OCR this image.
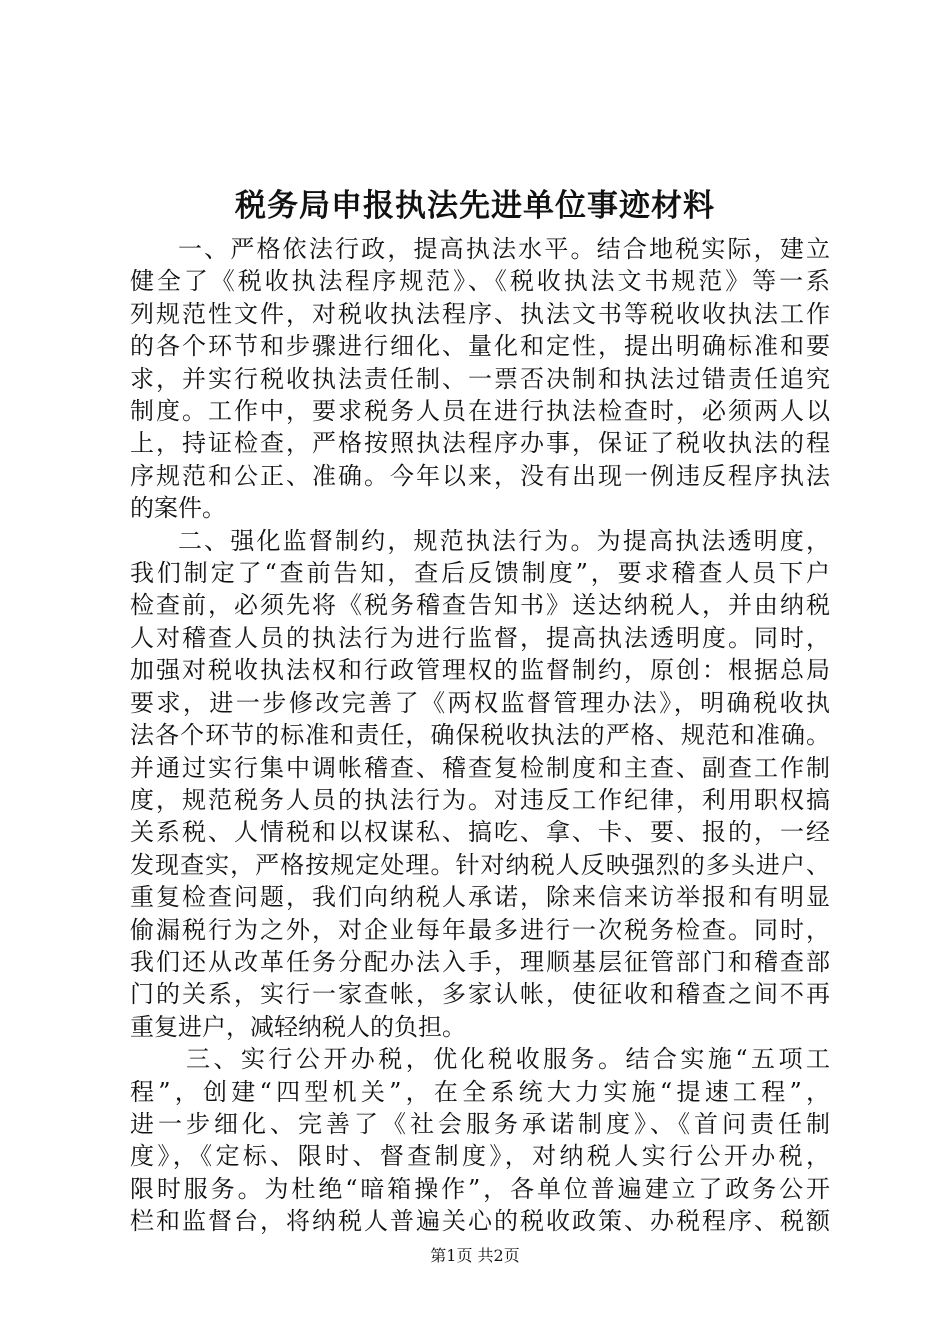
税务局申报执法先进单位事迹材料
一、严格依法行政，提高执法水平。结合地税实际，建立
健全了《税收执法程序规范》、《税收执法文书规范》等一系
列规范性文件，对税收执法程序、执法文书等税收收执法工作
的各个环节和步骤进行细化、量化和定性，提出明确标准和要
求，并实行税收执法责任制、一票否决制和执法过错责任追究
制度。工作中，要求税务人员在进行执法检查时，必须两人以
上，持证检查，严格按照执法程序办事，保证了税收执法的程
序规范和公正、准确。今年以来，没有出现一例违反程序执法
的案件。
二、强化监督制约，规范执法行为。为提高执法透明度，
我们制定了“查前告知，查后反馈制度”，要求稽查人员下户
检查前，必须先将《税务稽查告知书》送达纳税人，并由纳税
人对稽查人员的执法行为进行监督，提高执法透明度。同时，
加强对税收执法权和行政管理权的监督制约，原创：根据总局
要求，进一步修改完善了《两权监督管理办法》，明确税收执
法各个环节的标准和责任，确保税收执法的严格、规范和准确。
并通过实行集中调帐稽查、稽查复检制度和主查、副查工作制
度，规范税务人员的执法行为。对违反工作纪律，利用职权搞
关系税、人情税和以权谋私、搞吃、拿、卡、要、报的，一经
发现查实，严格按规定处理。针对纳税人反映强烈的多头进户、
重复检查问题，我们向纳税人承诺，除来信来访举报和有明显
偷漏税行为之外，对企业每年最多进行一次税务检查。同时，
我们还从改革任务分配办法入手，理顺基层征管部门和稽查部
门的关系，实行一家查帐，多家认帐，使征收和稽查之间不再
重复进户，减轻纳税人的负担。
三、实行公开办税，优化税收服务。结合实施“五项工
程”，创建“四型机关”，在全系统大力实施“提速工程”，
进一步细化、完善了《社会服务承诺制度》、《首问责任制
度》，《定标、限时、督查制度》，对纳税人实行公开办税，
限时服务。为杜绝“暗箱操作”，各单位普遍建立了政务公开
栏和监督台，将纳税人普遍关心的税收政策、办税程序、税额
第1页 共2页
